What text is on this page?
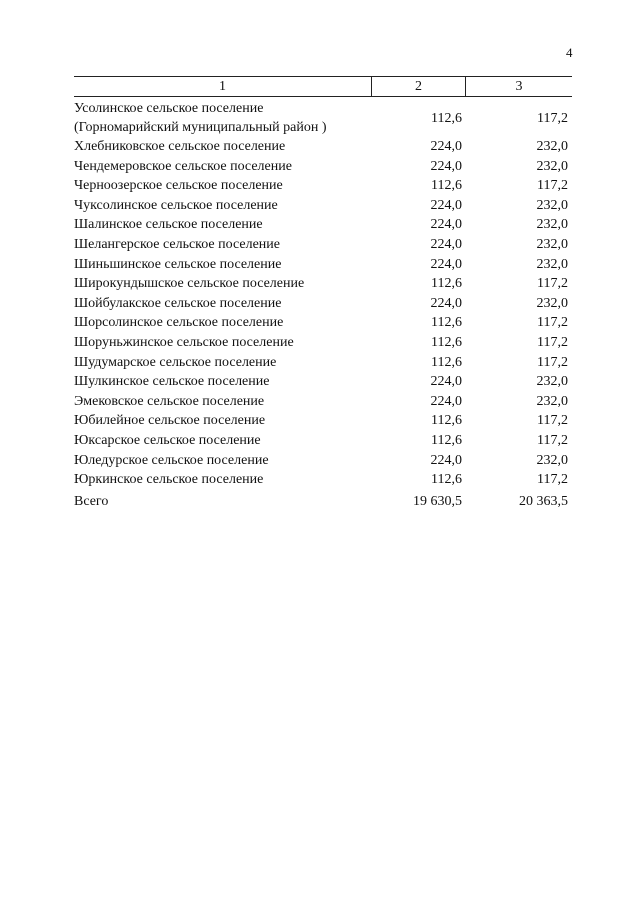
4
1	2	3
Усолинское сельское поселение
(Горномарийский муниципальный район )
112,6	117,2
Хлебниковское сельское поселение	224,0	232,0
Чендемеровское сельское поселение	224,0	232,0
Черноозерское сельское поселение	112,6	117,2
Чуксолинское сельское поселение	224,0	232,0
Шалинское сельское поселение	224,0	232,0
Шелангерское сельское поселение	224,0	232,0
Шиньшинское сельское поселение	224,0	232,0
Широкундышское сельское поселение	112,6	117,2
Шойбулакское сельское поселение	224,0	232,0
Шорсолинское сельское поселение	112,6	117,2
Шоруньжинское сельское поселение	112,6	117,2
Шудумарское сельское поселение	112,6	117,2
Шулкинское сельское поселение	224,0	232,0
Эмековское сельское поселение	224,0	232,0
Юбилейное сельское поселение	112,6	117,2
Юксарское сельское поселение	112,6	117,2
Юледурское сельское поселение	224,0	232,0
Юркинское сельское поселение	112,6	117,2
Всего	19 630,5	20 363,5
